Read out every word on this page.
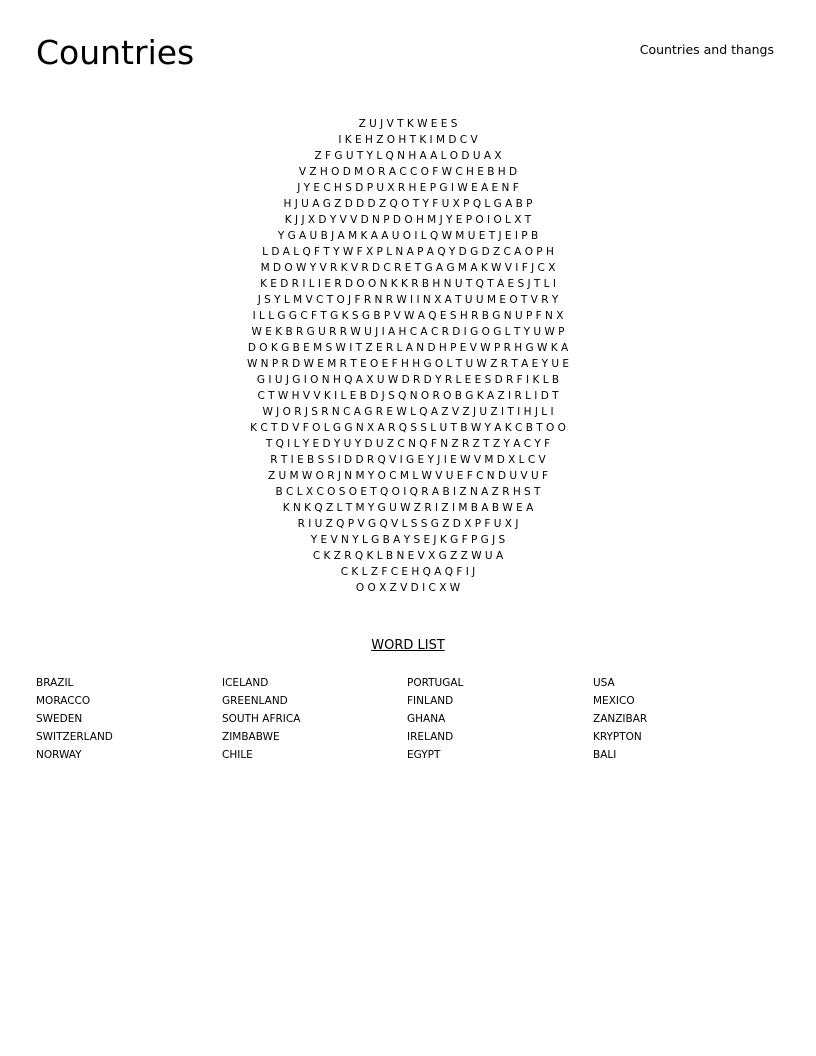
Countries	Countries and thangs
Z U J V T K W E E S
I K E H Z O H T K I M D C V
Z F G U T Y L Q N H A A L O D U A X
V Z H O D M O R A C C O F W C H E B H D
J Y E C H S D P U X R H E P G I W E A E N F
H J U A G Z D D D Z Q O T Y F U X P Q L G A B P
K J J X D Y V V D N P D O H M J Y E P O I O L X T
Y G A U B J A M K A A U O I L Q W M U E T J E I P B
L D A L Q F T Y W F X P L N A P A Q Y D G D Z C A O P H
M D O W Y V R K V R D C R E T G A G M A K W V I F J C X
K E D R I L I E R D O O N K K R B H N U T Q T A E S J T L I
J S Y L M V C T O J F R N R W I I N X A T U U M E O T V R Y
I L L G G C F T G K S G B P V W A Q E S H R B G N U P F N X
W E K B R G U R R W U J I A H C A C R D I G O G L T Y U W P
D O K G B E M S W I T Z E R L A N D H P E V W P R H G W K A
W N P R D W E M R T E O E F H H G O L T U W Z R T A E Y U E
G I U J G I O N H Q A X U W D R D Y R L E E S D R F I K L B
C T W H V V K I L E B D J S Q N O R O B G K A Z I R L I D T
W J O R J S R N C A G R E W L Q A Z V Z J U Z I T I H J L I
K C T D V F O L G G N X A R Q S S L U T B W Y A K C B T O O
T Q I L Y E D Y U Y D U Z C N Q F N Z R Z T Z Y A C Y F
R T I E B S S I D D R Q V I G E Y J I E W V M D X L C V
Z U M W O R J N M Y O C M L W V U E F C N D U V U F
B C L X C O S O E T Q O I Q R A B I Z N A Z R H S T
K N K Q Z L T M Y G U W Z R I Z I M B A B W E A
R I U Z Q P V G Q V L S S G Z D X P F U X J
Y E V N Y L G B A Y S E J K G F P G J S
C K Z R Q K L B N E V X G Z Z W U A
C K L Z F C E H Q A Q F I J
O O X Z V D I C X W
WORD LIST
BRAZIL
MORACCO
SWEDEN
SWITZERLAND
NORWAY
ICELAND
GREENLAND
SOUTH AFRICA
ZIMBABWE
CHILE
PORTUGAL
FINLAND
GHANA
IRELAND
EGYPT
USA
MEXICO
ZANZIBAR
KRYPTON
BALI
